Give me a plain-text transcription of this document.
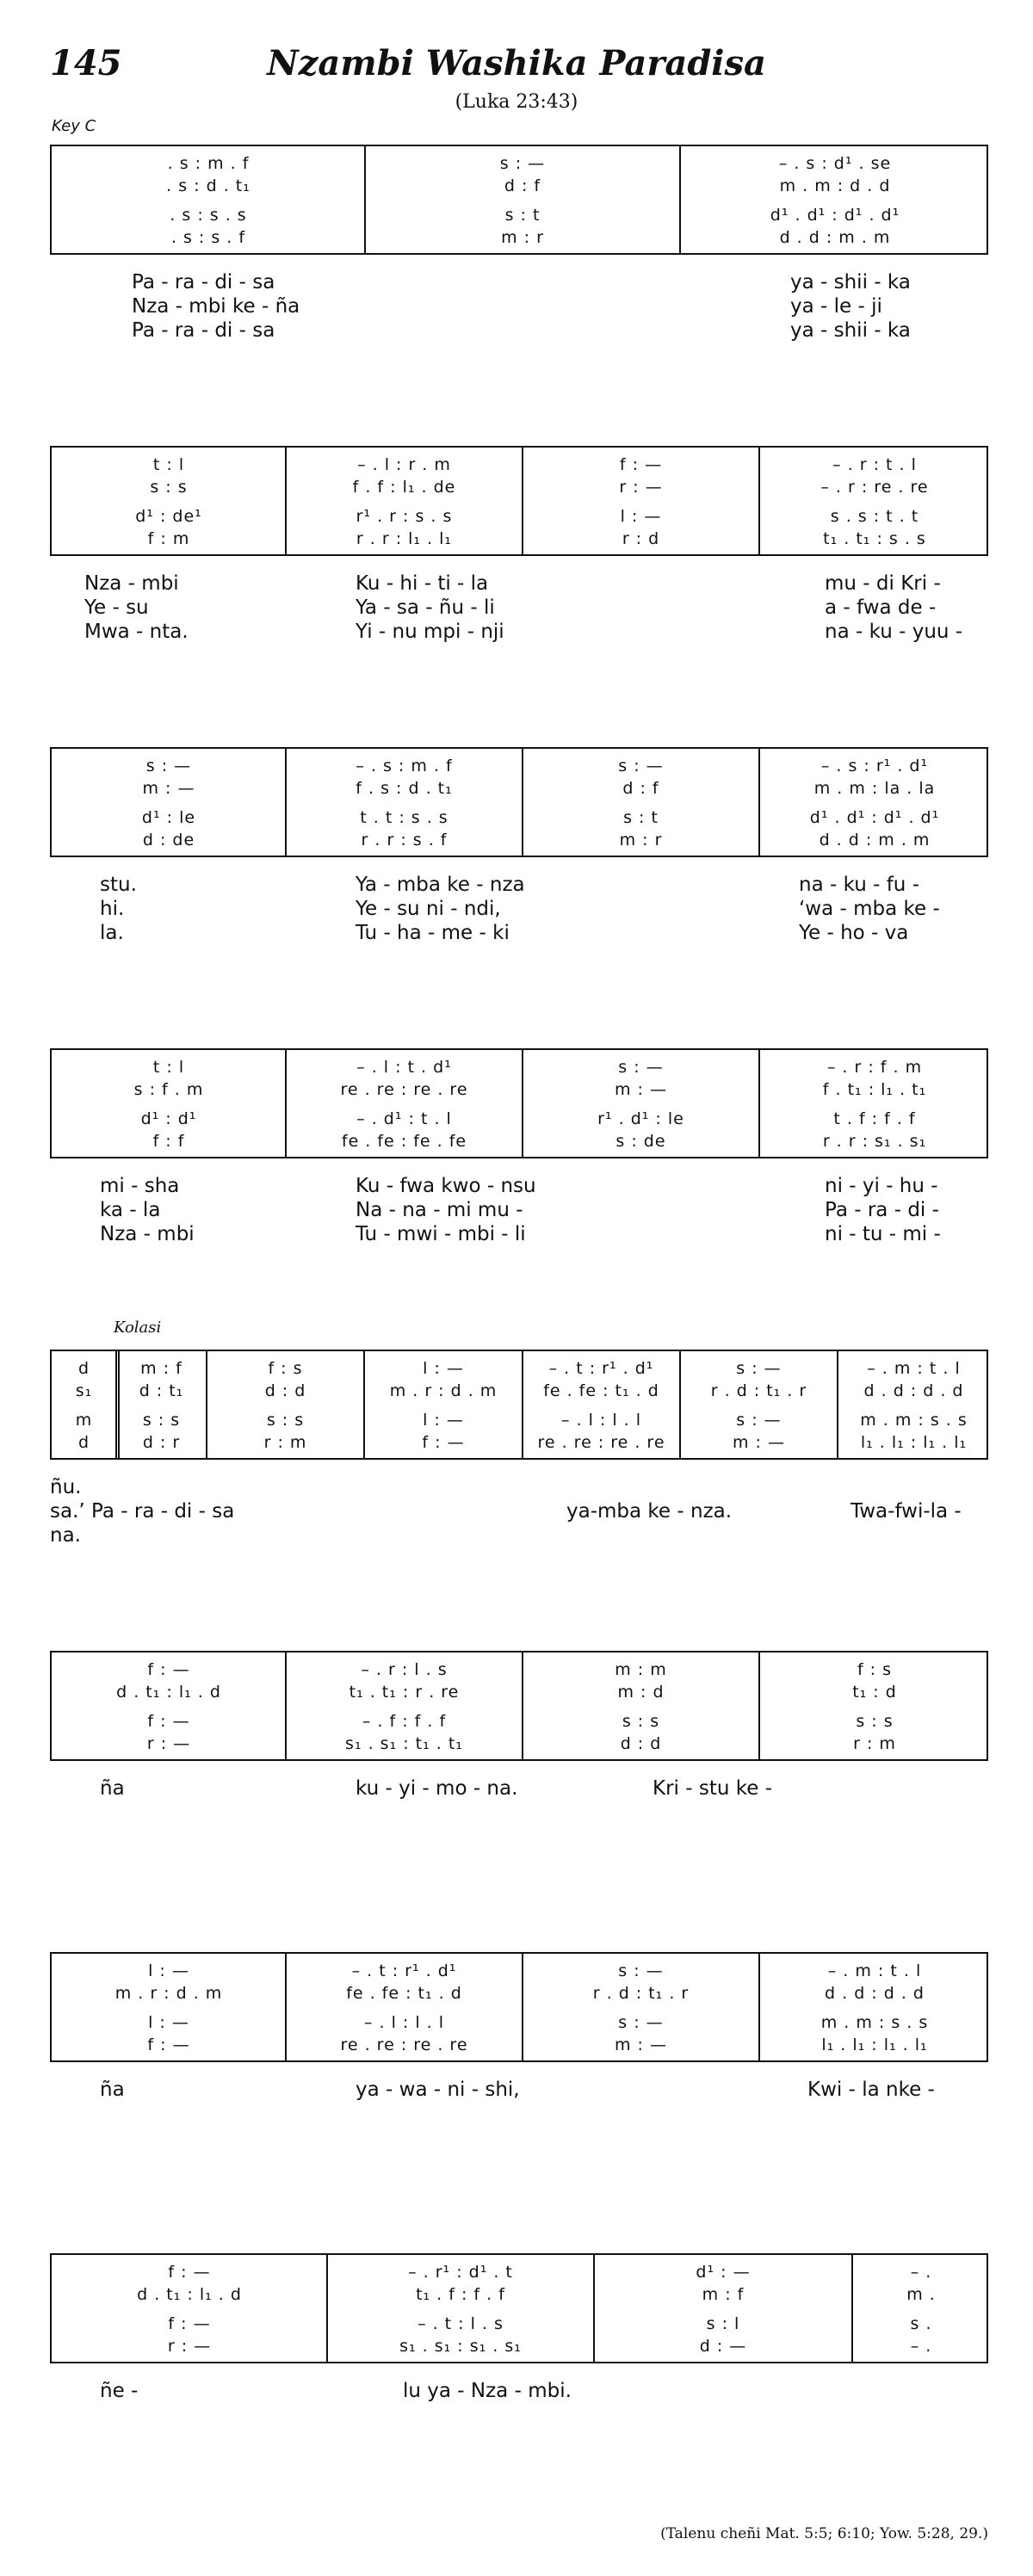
145	Nzambi Washika Paradisa
(Luka 23:43)
Key C
Kolasi
(Talenu cheñi Mat. 5:5; 6:10; Yow. 5:28, 29.)
. s : m . f	s : —	– . s : d¹ . se
. s : d . t₁	d : f	m . m : d . d
. s : s . s	s : t	d¹ . d¹ : d¹ . d¹
. s : s . f	m : r	d . d : m . m
Pa - ra - di - sa	ya - shii - ka
Nza - mbi ke - ña	ya - le - ji
Pa - ra - di - sa	ya - shii - ka
t : l	– . l : r . m	f : —	– . r : t . l
s : s	f . f : l₁ . de	r : —	– . r : re . re
d¹ : de¹	r¹ . r : s . s	l : —	s . s : t . t
f : m	r . r : l₁ . l₁	r : d	t₁ . t₁ : s . s
Nza - mbi	Ku - hi - ti - la	mu - di Kri -
Ye - su	Ya - sa - ñu - li	a - fwa de -
Mwa - nta.	Yi - nu mpi - nji	na - ku - yuu -
s : —	– . s : m . f	s : —	– . s : r¹ . d¹
m : —	f . s : d . t₁	d : f	m . m : la . la
d¹ : le	t . t : s . s	s : t	d¹ . d¹ : d¹ . d¹
d : de	r . r : s . f	m : r	d . d : m . m
stu.	Ya - mba ke - nza	na - ku - fu -
hi.	Ye - su ni - ndi,	‘wa - mba ke -
la.	Tu - ha - me - ki	Ye - ho - va
t : l	– . l : t . d¹	s : —	– . r : f . m
s : f . m	re . re : re . re	m : —	f . t₁ : l₁ . t₁
d¹ : d¹	– . d¹ : t . l	r¹ . d¹ : le	t . f : f . f
f : f	fe . fe : fe . fe	s : de	r . r : s₁ . s₁
mi - sha	Ku - fwa kwo - nsu	ni - yi - hu -
ka - la	Na - na - mi mu -	Pa - ra - di -
Nza - mbi	Tu - mwi - mbi - li	ni - tu - mi -
d	m : f	f : s	l : —	– . t : r¹ . d¹	s : —	– . m : t . l
s₁	d : t₁	d : d	m . r : d . m	fe . fe : t₁ . d	r . d : t₁ . r	d . d : d . d
m	s : s	s : s	l : —	– . l : l . l	s : —	m . m : s . s
d	d : r	r : m	f : —	re . re : re . re	m : —	l₁ . l₁ : l₁ . l₁
ñu.
sa.’ Pa - ra - di - sa	ya-mba ke - nza.	Twa-fwi-la -
na.
f : —	– . r : l . s	m : m	f : s
d . t₁ : l₁ . d	t₁ . t₁ : r . re	m : d	t₁ : d
f : —	– . f : f . f	s : s	s : s
r : —	s₁ . s₁ : t₁ . t₁	d : d	r : m
ña	ku - yi - mo - na.	Kri - stu ke -
l : —	– . t : r¹ . d¹	s : —	– . m : t . l
m . r : d . m	fe . fe : t₁ . d	r . d : t₁ . r	d . d : d . d
l : —	– . l : l . l	s : —	m . m : s . s
f : —	re . re : re . re	m : —	l₁ . l₁ : l₁ . l₁
ña	ya - wa - ni - shi,	Kwi - la nke -
f : —	– . r¹ : d¹ . t	d¹ : —	– .
d . t₁ : l₁ . d	t₁ . f : f . f	m : f	m .
f : —	– . t : l . s	s : l	s .
r : —	s₁ . s₁ : s₁ . s₁	d : —	– .
ñe -	lu ya - Nza - mbi.
